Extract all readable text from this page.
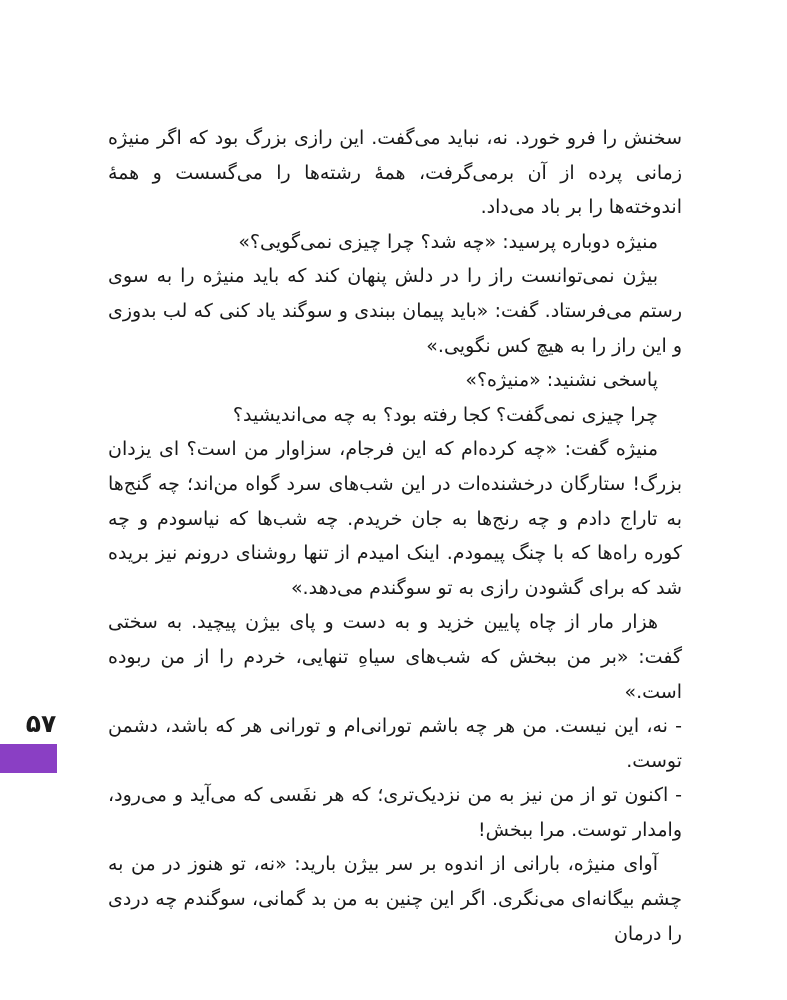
سخنش را فرو خورد. نه، نباید می‌گفت. این رازی بزرگ بود که اگر منیژه زمانی پرده از آن برمی‌گرفت، همهٔ رشته‌ها را می‌گسست و همهٔ اندوخته‌ها را بر باد می‌داد.

منیژه دوباره پرسید: «چه شد؟ چرا چیزی نمی‌گویی؟»

بیژن نمی‌توانست راز را در دلش پنهان کند که باید منیژه را به سوی رستم می‌فرستاد. گفت: «باید پیمان ببندی و سوگند یاد کنی که لب بدوزی و این راز را به هیچ کس نگویی.»

پاسخی نشنید: «منیژه؟»

چرا چیزی نمی‌گفت؟ کجا رفته بود؟ به چه می‌اندیشید؟

منیژه گفت: «چه کرده‌ام که این فرجام، سزاوار من است؟ ای یزدان بزرگ! ستارگان درخشنده‌ات در این شب‌های سرد گواه من‌اند؛ چه گنج‌ها به تاراج دادم و چه رنج‌ها به جان خریدم. چه شب‌ها که نیاسودم و چه کوره راه‌ها که با چنگ پیمودم. اینک امیدم از تنها روشنای درونم نیز بریده شد که برای گشودن رازی به تو سوگندم می‌دهد.»

هزار مار از چاه پایین خزید و به دست و پای بیژن پیچید. به سختی گفت: «بر من ببخش که شب‌های سیاهِ تنهایی، خردم را از من ربوده است.»

- نه، این نیست. من هر چه باشم تورانی‌ام و تورانی هر که باشد، دشمن توست.

- اکنون تو از من نیز به من نزدیک‌تری؛ که هر نفَسی که می‌آید و می‌رود، وامدار توست. مرا ببخش!

آوای منیژه، بارانی از اندوه بر سر بیژن بارید: «نه، تو هنوز در من به چشم بیگانه‌ای می‌نگری. اگر این چنین به من بد گمانی، سوگندم چه دردی را درمان

۵۷
